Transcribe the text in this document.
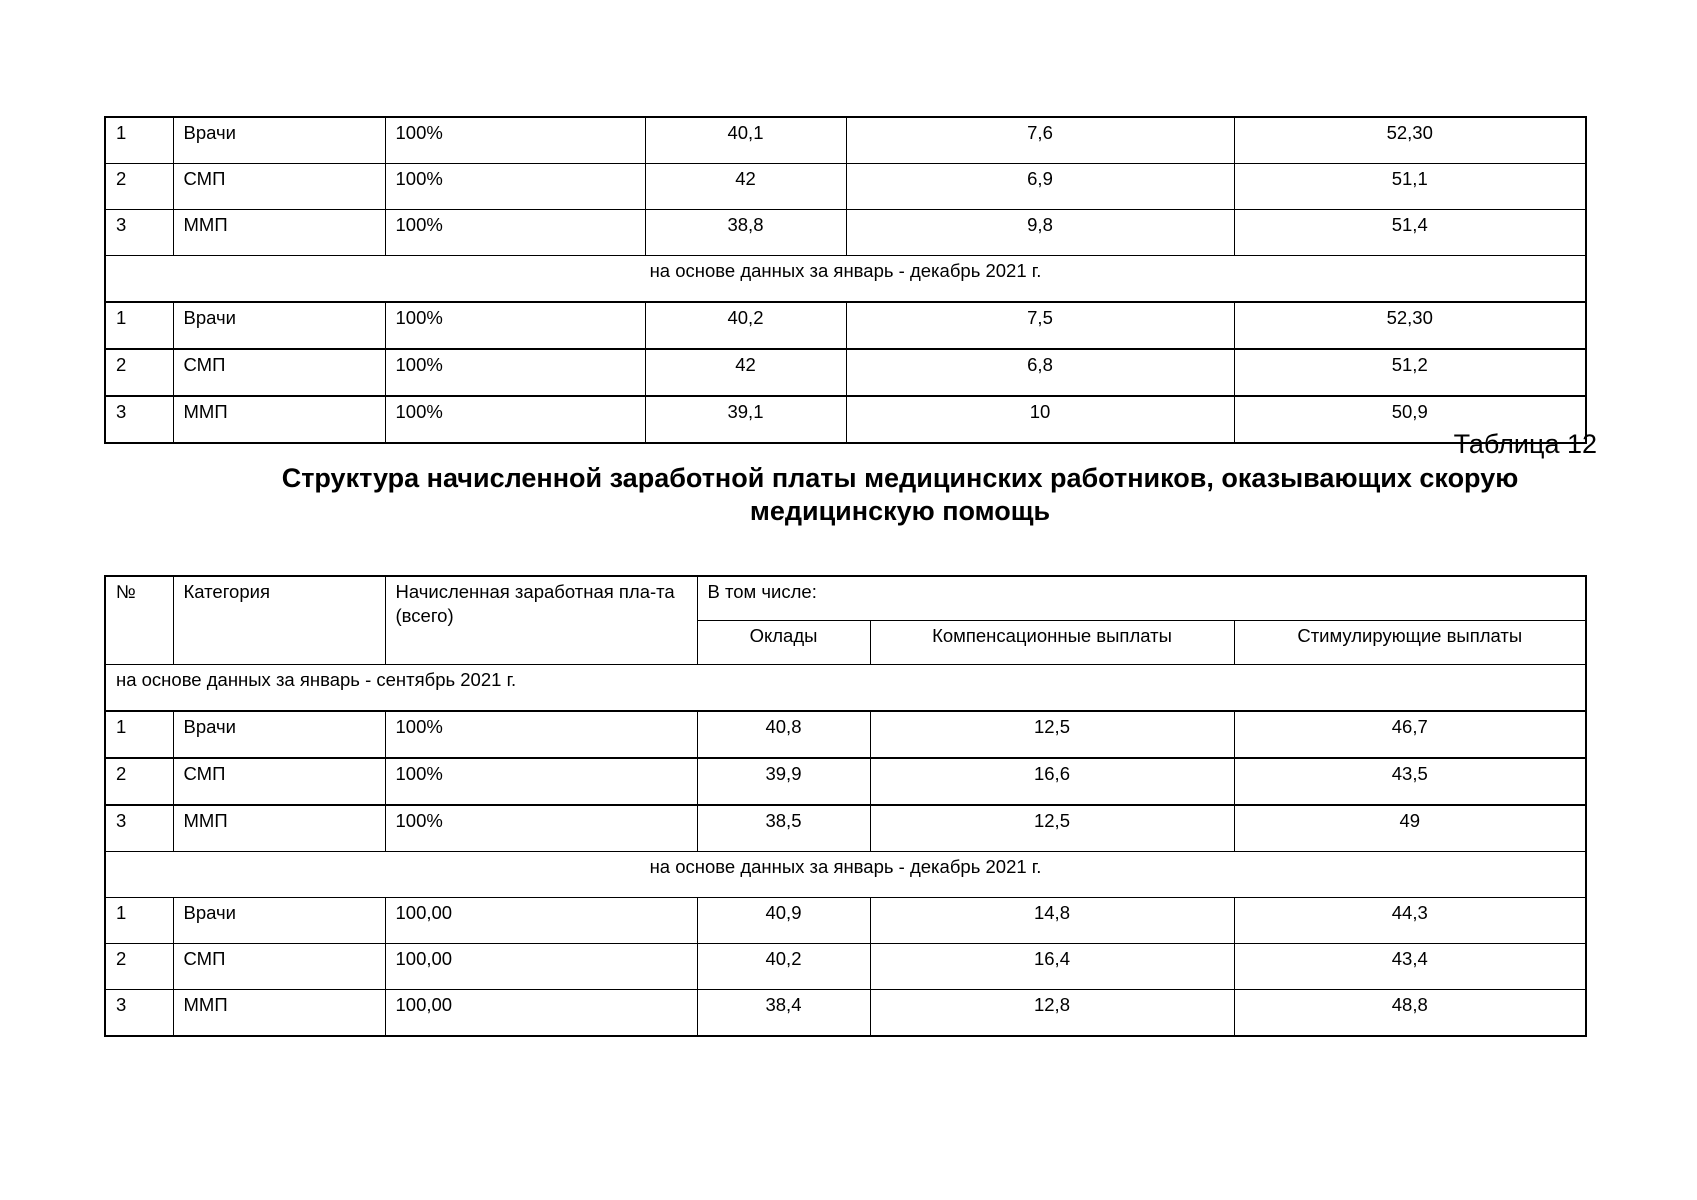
1	Врачи	100%	40,1	7,6	52,30
2	СМП	100%	42	6,9	51,1
3	ММП	100%	38,8	9,8	51,4
на основе данных за январь - декабрь 2021 г.					
1	Врачи	100%	40,2	7,5	52,30
2	СМП	100%	42	6,8	51,2
3	ММП	100%	39,1	10	50,9
Таблица 12
Структура начисленной заработной платы медицинских работников, оказывающих скорую медицинскую помощь
№	Категория	Начисленная заработная пла-та (всего)	В том числе:		
			Оклады	Компенсационные выплаты	Стимулирующие выплаты
на основе данных за январь - сентябрь 2021 г.					
1	Врачи	100%	40,8	12,5	46,7
2	СМП	100%	39,9	16,6	43,5
3	ММП	100%	38,5	12,5	49
на основе данных за январь - декабрь 2021 г.					
1	Врачи	100,00	40,9	14,8	44,3
2	СМП	100,00	40,2	16,4	43,4
3	ММП	100,00	38,4	12,8	48,8
